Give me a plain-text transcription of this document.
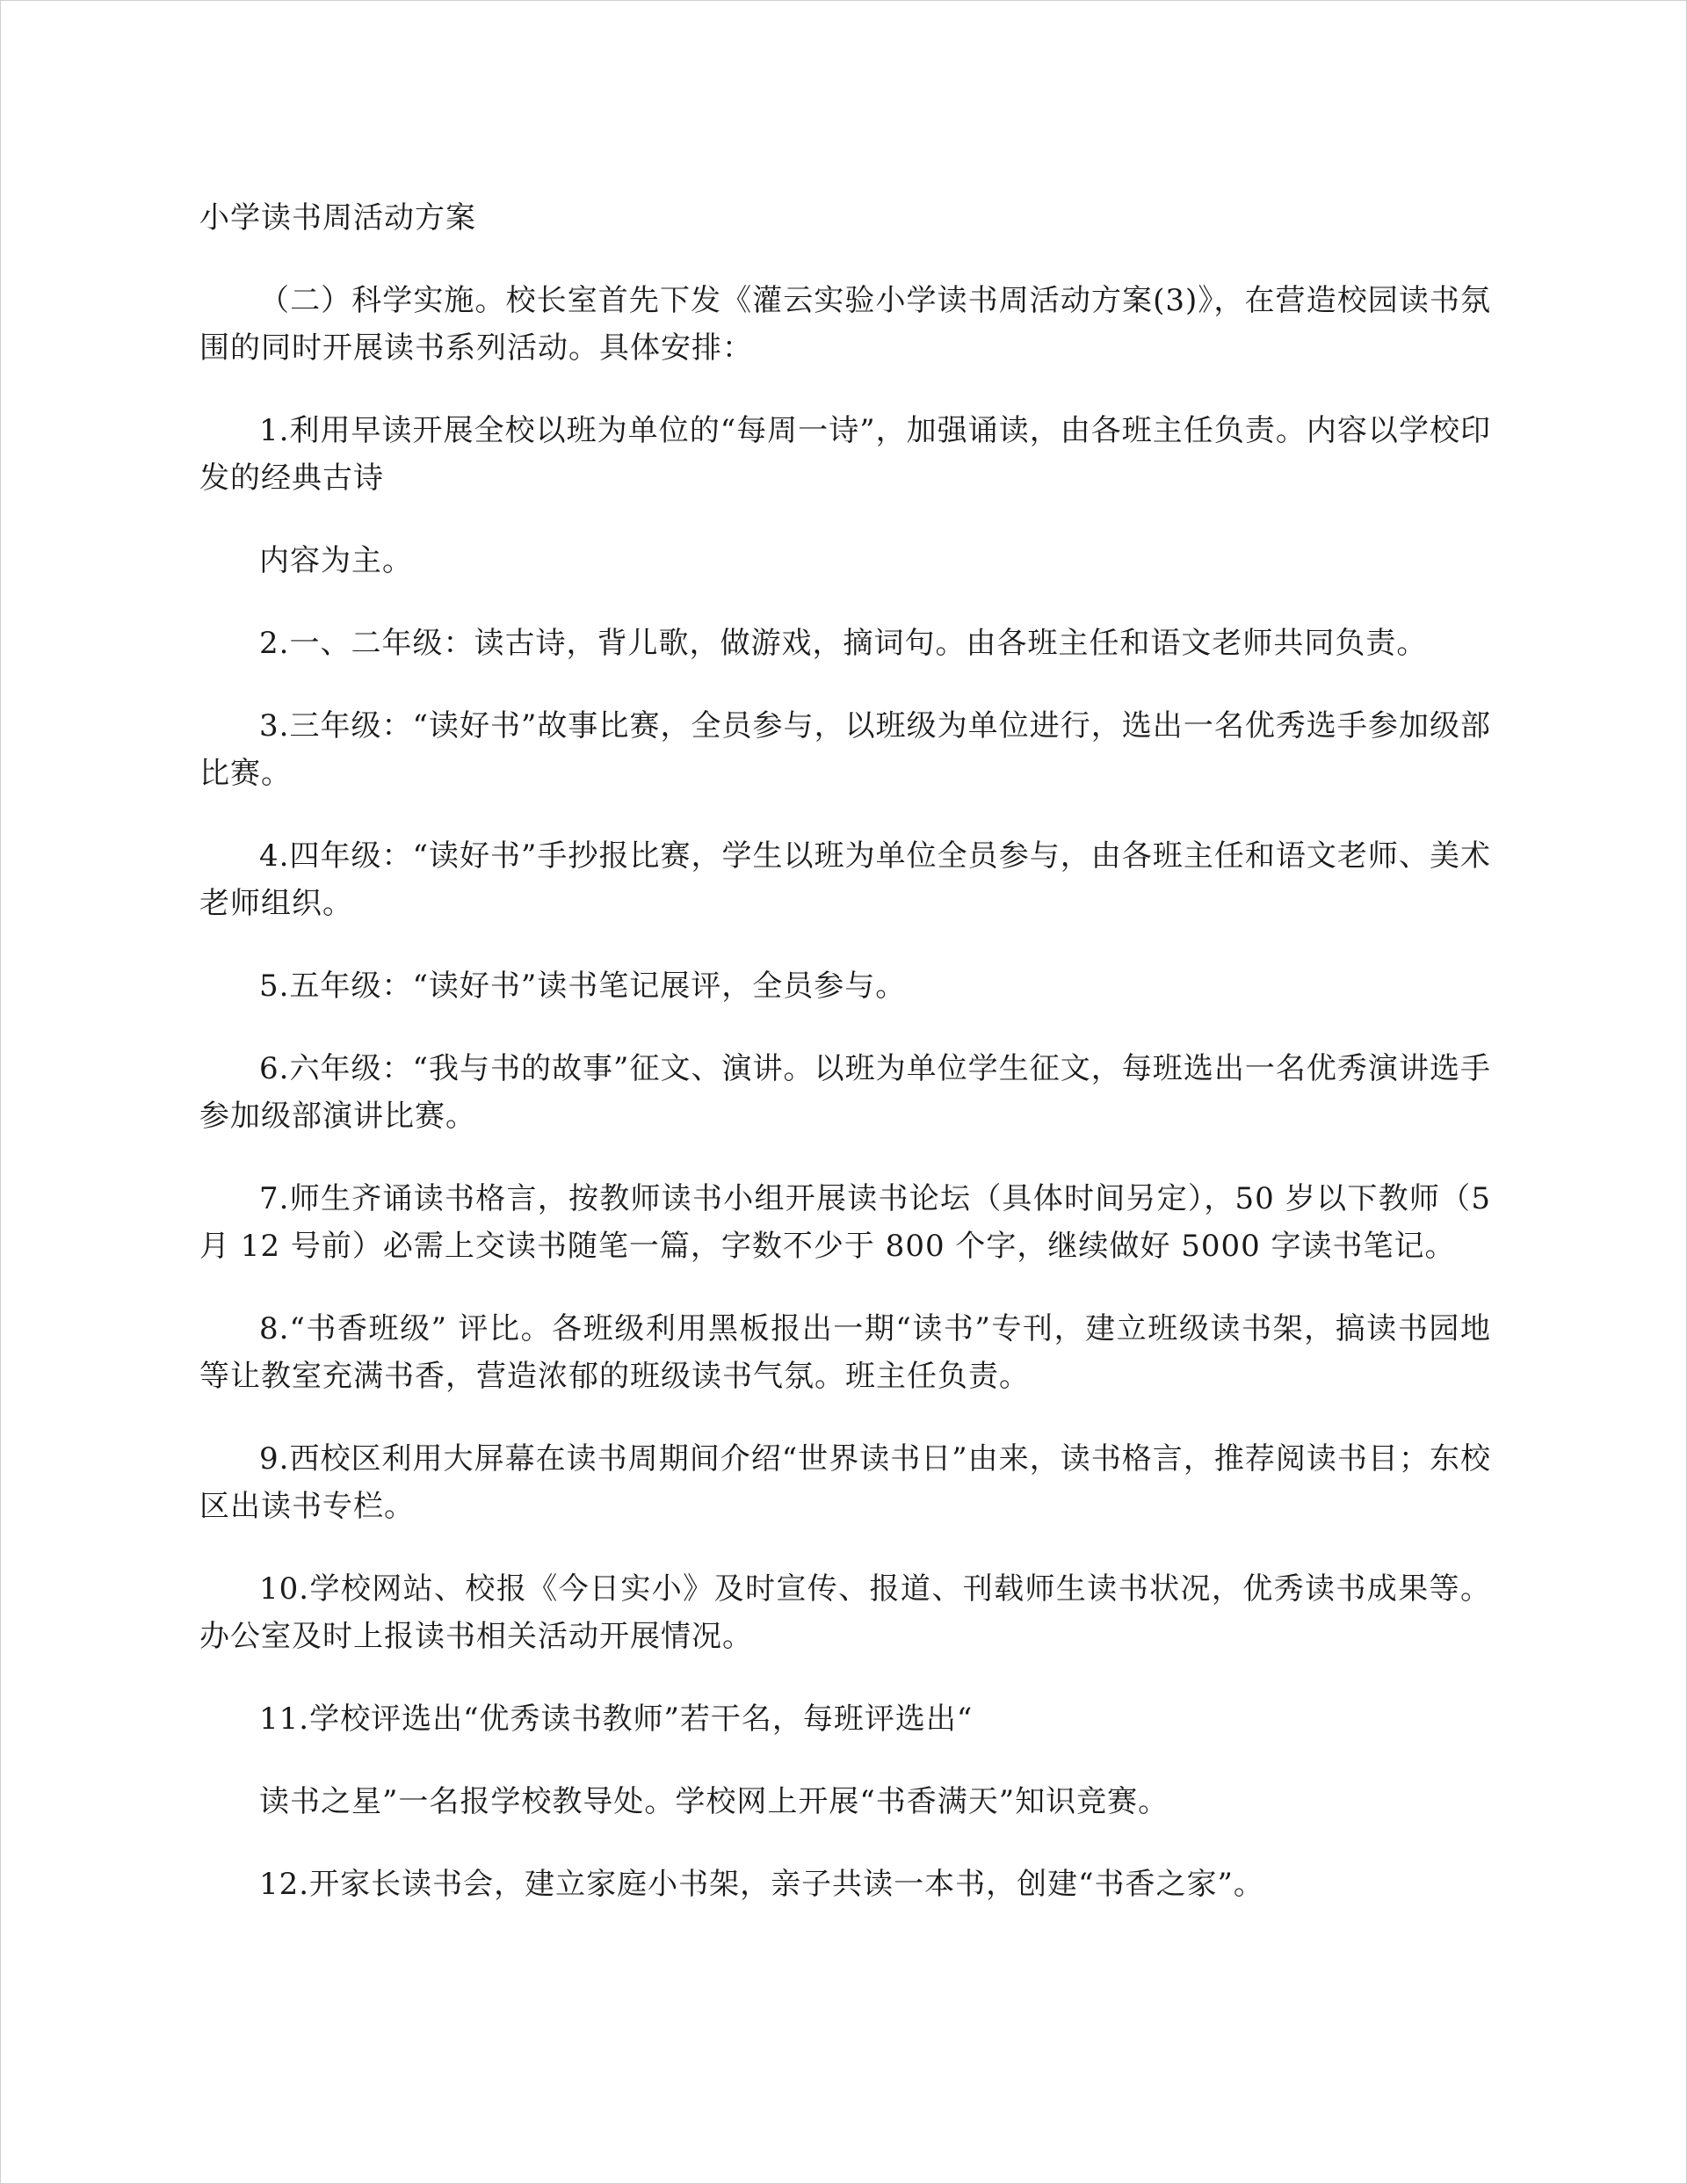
小学读书周活动方案

（二）科学实施。校长室首先下发《灌云实验小学读书周活动方案(3)》，在营造校园读书氛围的同时开展读书系列活动。具体安排：

1.利用早读开展全校以班为单位的“每周一诗”，加强诵读，由各班主任负责。内容以学校印发的经典古诗

内容为主。

2.一、二年级：读古诗，背儿歌，做游戏，摘词句。由各班主任和语文老师共同负责。

3.三年级：“读好书”故事比赛，全员参与，以班级为单位进行，选出一名优秀选手参加级部比赛。

4.四年级：“读好书”手抄报比赛，学生以班为单位全员参与，由各班主任和语文老师、美术老师组织。

5.五年级：“读好书”读书笔记展评，全员参与。

6.六年级：“我与书的故事”征文、演讲。以班为单位学生征文，每班选出一名优秀演讲选手参加级部演讲比赛。

7.师生齐诵读书格言，按教师读书小组开展读书论坛（具体时间另定），50 岁以下教师（5 月 12 号前）必需上交读书随笔一篇，字数不少于 800 个字，继续做好 5000 字读书笔记。

8.“书香班级” 评比。各班级利用黑板报出一期“读书”专刊，建立班级读书架，搞读书园地等让教室充满书香，营造浓郁的班级读书气氛。班主任负责。

9.西校区利用大屏幕在读书周期间介绍“世界读书日”由来，读书格言，推荐阅读书目；东校区出读书专栏。

10.学校网站、校报《今日实小》及时宣传、报道、刊载师生读书状况，优秀读书成果等。办公室及时上报读书相关活动开展情况。

11.学校评选出“优秀读书教师”若干名，每班评选出“

读书之星”一名报学校教导处。学校网上开展“书香满天”知识竞赛。

12.开家长读书会，建立家庭小书架，亲子共读一本书，创建“书香之家”。
